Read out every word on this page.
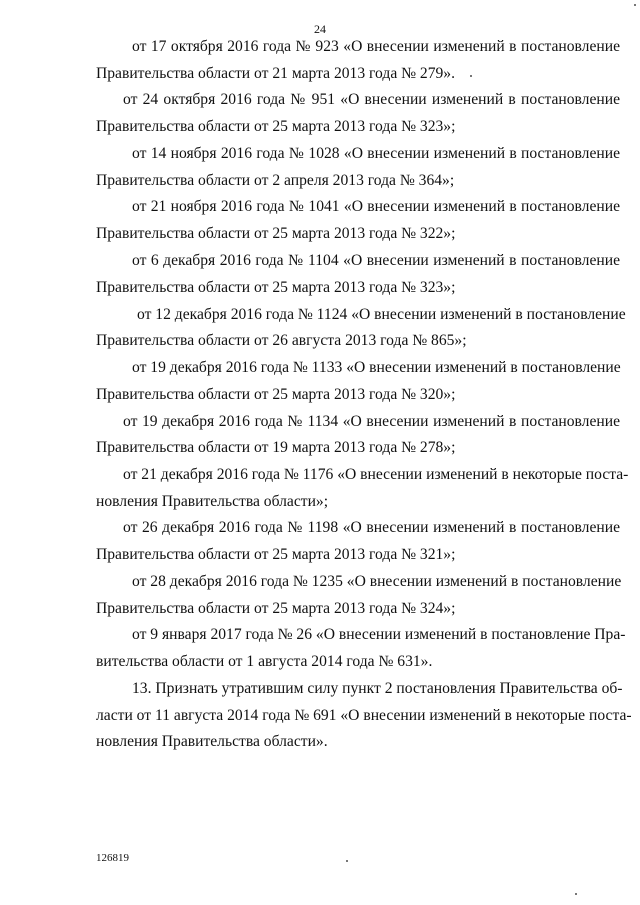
24
от 17 октября 2016 года № 923 «О внесении изменений в постановление
Правительства области от 21 марта 2013 года № 279».
от 24 октября 2016 года № 951 «О внесении изменений в постановление
Правительства области от 25 марта 2013 года № 323»;
от 14 ноября 2016 года № 1028 «О внесении изменений в постановление
Правительства области от 2 апреля 2013 года № 364»;
от 21 ноября 2016 года № 1041 «О внесении изменений в постановление
Правительства области от 25 марта 2013 года № 322»;
от 6 декабря 2016 года № 1104 «О внесении изменений в постановление
Правительства области от 25 марта 2013 года № 323»;
от 12 декабря 2016 года № 1124 «О внесении изменений в постановление
Правительства области от 26 августа 2013 года № 865»;
от 19 декабря 2016 года № 1133 «О внесении изменений в постановление
Правительства области от 25 марта 2013 года № 320»;
от 19 декабря 2016 года № 1134 «О внесении изменений в постановление
Правительства области от 19 марта 2013 года № 278»;
от 21 декабря 2016 года № 1176 «О внесении изменений в некоторые поста-
новления Правительства области»;
от 26 декабря 2016 года № 1198 «О внесении изменений в постановление
Правительства области от 25 марта 2013 года № 321»;
от 28 декабря 2016 года № 1235 «О внесении изменений в постановление
Правительства области от 25 марта 2013 года № 324»;
от 9 января 2017 года № 26 «О внесении изменений в постановление Пра-
вительства области от 1 августа 2014 года № 631».
13. Признать утратившим силу пункт 2 постановления Правительства об-
ласти от 11 августа 2014 года № 691 «О внесении изменений в некоторые поста-
новления Правительства области».
126819
